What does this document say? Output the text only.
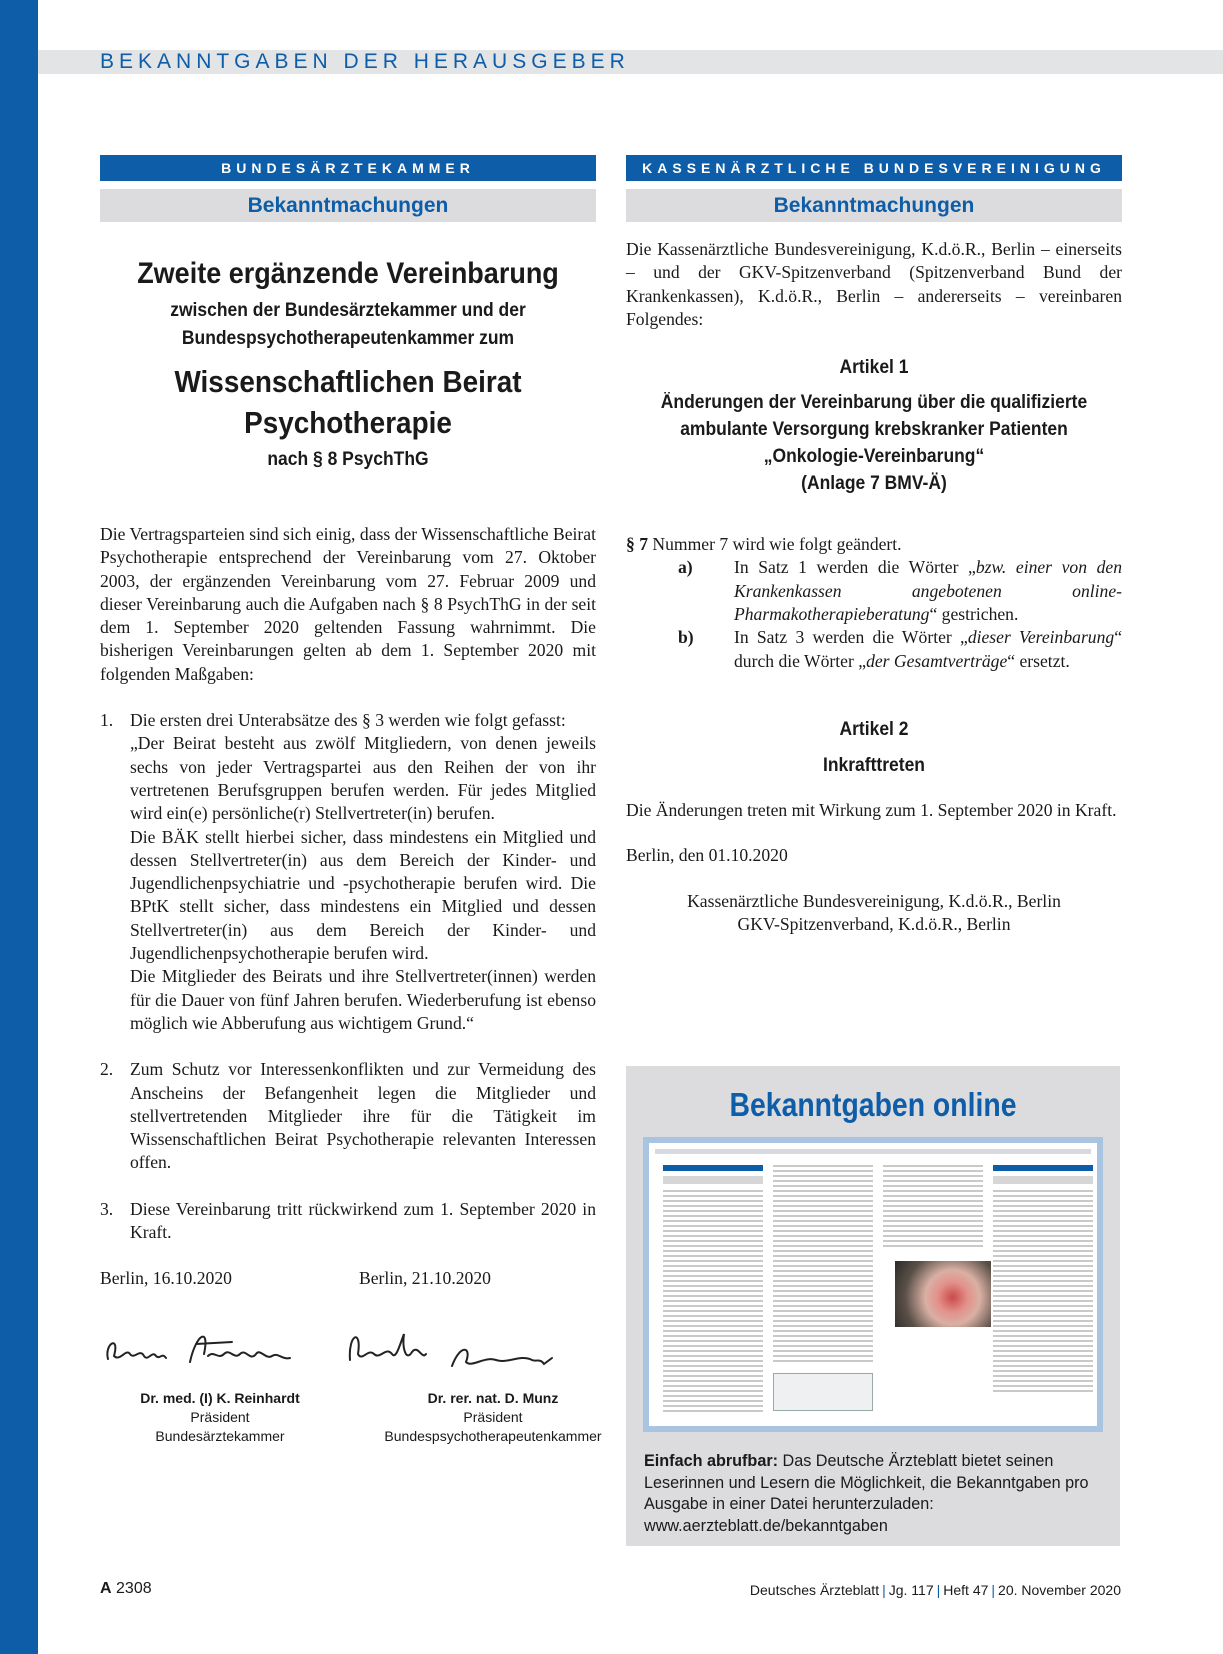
BEKANNTGABEN DER HERAUSGEBER
BUNDESÄRZTEKAMMER
Bekanntmachungen
Zweite ergänzende Vereinbarung
zwischen der Bundesärztekammer und der
Bundespsychotherapeutenkammer zum
Wissenschaftlichen Beirat
Psychotherapie
nach § 8 PsychThG
Die Vertragsparteien sind sich einig, dass der Wissenschaftliche Beirat Psychotherapie entsprechend der Vereinbarung vom 27. Oktober 2003, der ergänzenden Vereinbarung vom 27. Februar 2009 und dieser Vereinbarung auch die Aufgaben nach § 8 PsychThG in der seit dem 1. September 2020 geltenden Fassung wahrnimmt. Die bisherigen Vereinbarungen gelten ab dem 1. September 2020 mit folgenden Maßgaben:
1. Die ersten drei Unterabsätze des § 3 werden wie folgt gefasst:
„Der Beirat besteht aus zwölf Mitgliedern, von denen jeweils sechs von jeder Vertragspartei aus den Reihen der von ihr vertretenen Berufsgruppen berufen werden. Für jedes Mitglied wird ein(e) persönliche(r) Stellvertreter(in) berufen.
Die BÄK stellt hierbei sicher, dass mindestens ein Mitglied und dessen Stellvertreter(in) aus dem Bereich der Kinder- und Jugendlichenpsychiatrie und -psychotherapie berufen wird. Die BPtK stellt sicher, dass mindestens ein Mitglied und dessen Stellvertreter(in) aus dem Bereich der Kinder- und Jugendlichenpsychotherapie berufen wird.
Die Mitglieder des Beirats und ihre Stellvertreter(innen) werden für die Dauer von fünf Jahren berufen. Wiederberufung ist ebenso möglich wie Abberufung aus wichtigem Grund.“
2. Zum Schutz vor Interessenkonflikten und zur Vermeidung des Anscheins der Befangenheit legen die Mitglieder und stellvertretenden Mitglieder ihre für die Tätigkeit im Wissenschaftlichen Beirat Psychotherapie relevanten Interessen offen.
3. Diese Vereinbarung tritt rückwirkend zum 1. September 2020 in Kraft.
Berlin, 16.10.2020	Berlin, 21.10.2020
Dr. med. (I) K. Reinhardt
Präsident
Bundesärztekammer
Dr. rer. nat. D. Munz
Präsident
Bundespsychotherapeutenkammer
KASSENÄRZTLICHE BUNDESVEREINIGUNG
Bekanntmachungen
Die Kassenärztliche Bundesvereinigung, K.d.ö.R., Berlin – einerseits – und der GKV-Spitzenverband (Spitzenverband Bund der Krankenkassen), K.d.ö.R., Berlin – andererseits – vereinbaren Folgendes:
Artikel 1
Änderungen der Vereinbarung über die qualifizierte
ambulante Versorgung krebskranker Patienten
„Onkologie-Vereinbarung“
(Anlage 7 BMV-Ä)
§ 7 Nummer 7 wird wie folgt geändert.
a)	In Satz 1 werden die Wörter „bzw. einer von den Krankenkassen angebotenen online-Pharmakotherapieberatung“ gestrichen.
b)	In Satz 3 werden die Wörter „dieser Vereinbarung“ durch die Wörter „der Gesamtverträge“ ersetzt.
Artikel 2
Inkrafttreten
Die Änderungen treten mit Wirkung zum 1. September 2020 in Kraft.
Berlin, den 01.10.2020
Kassenärztliche Bundesvereinigung, K.d.ö.R., Berlin
GKV-Spitzenverband, K.d.ö.R., Berlin
Bekanntgaben online
Einfach abrufbar: Das Deutsche Ärzteblatt bietet seinen Leserinnen und Lesern die Möglichkeit, die Bekanntgaben pro Ausgabe in einer Datei herunterzuladen: www.aerzteblatt.de/bekanntgaben
A 2308	Deutsches Ärzteblatt | Jg. 117 | Heft 47 | 20. November 2020
